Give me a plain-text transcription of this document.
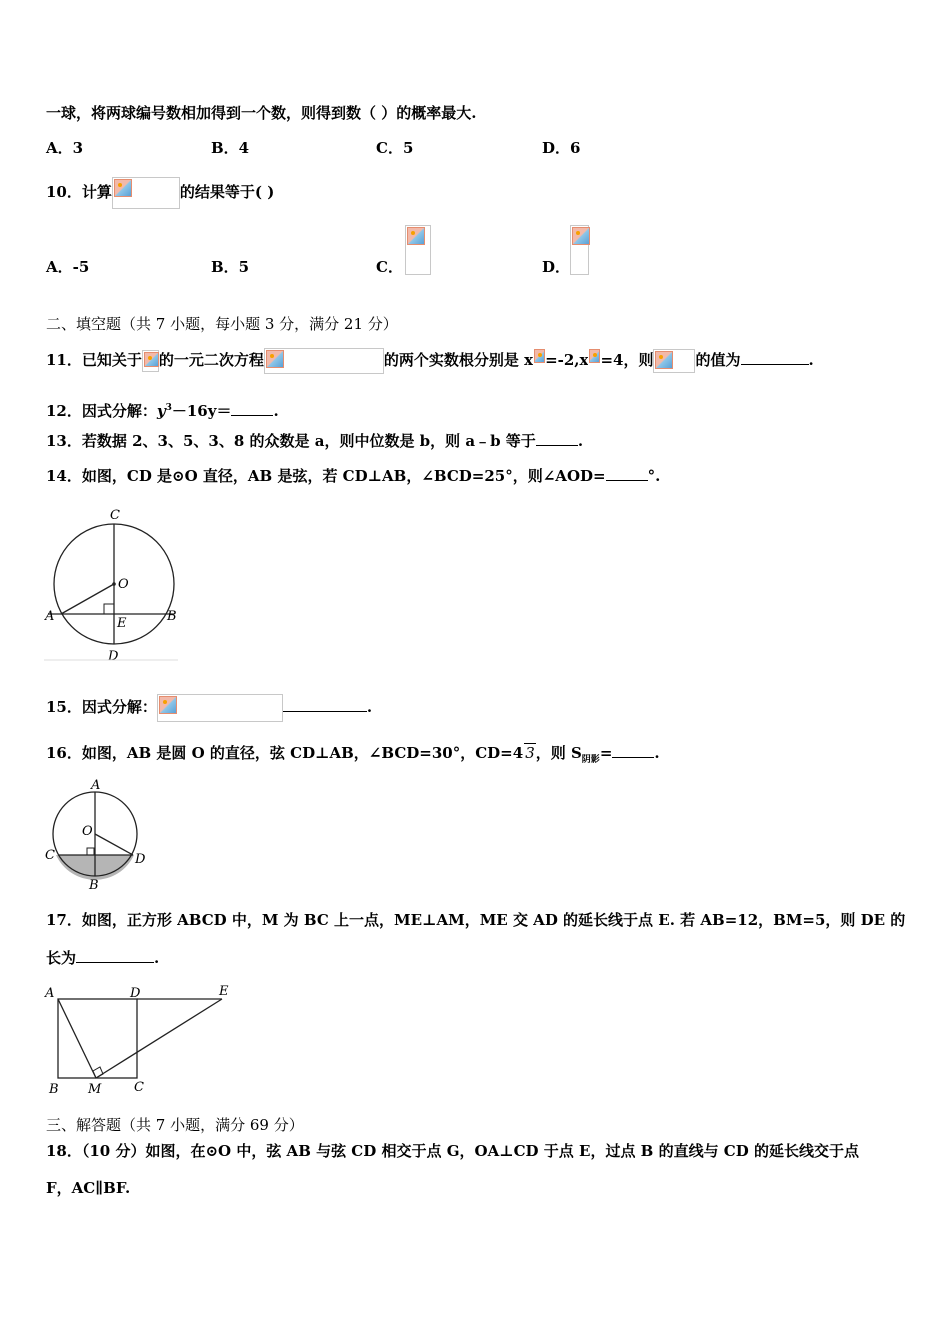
一球，将两球编号数相加得到一个数，则得到数（ ）的概率最大.
A．3	B．4	C．5	D．6
10．计算	的结果等于( )
A．-5	B．5	C．	D．
二、填空题（共 7 小题，每小题 3 分，满分 21 分）
11．已知关于 的一元二次方程	的两个实数根分别是 x =-2,x =4，则	的值为	.
12．因式分解：$y^3-16y=$	.
13．若数据 2、3、5、3、8 的众数是 a，则中位数是 b，则 a﹣b 等于	.
14．如图，CD 是⊙O 直径，AB 是弦，若 CD⊥AB，∠BCD=25°，则∠AOD=	°.
C
O
A	B
E
D
15．因式分解：	.
16．如图，AB 是圆 O 的直径，弦 CD⊥AB，∠BCD=30°，CD=4 3，则 $S_{阴影}=$	.
A
O
C	D
B
17．如图，正方形 ABCD 中，M 为 BC 上一点，ME⊥AM，ME 交 AD 的延长线于点 E. 若 AB=12，BM=5，则 DE 的
长为	.
A	D	E
B M	C
三、解答题（共 7 小题，满分 69 分）
18．（10 分）如图，在⊙O 中，弦 AB 与弦 CD 相交于点 G，OA⊥CD 于点 E，过点 B 的直线与 CD 的延长线交于点
F，AC∥BF.
